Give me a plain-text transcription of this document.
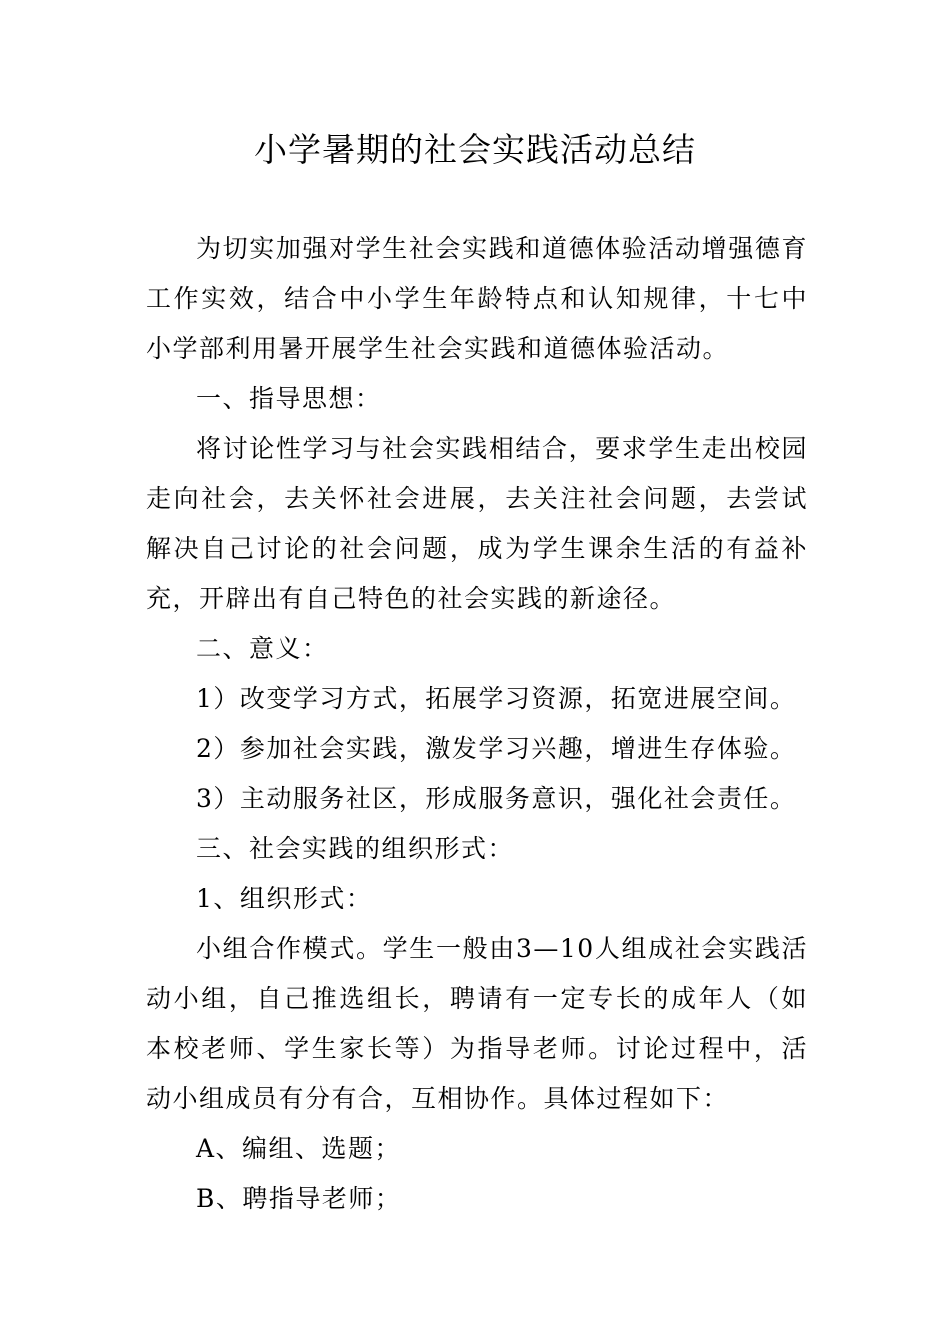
小学暑期的社会实践活动总结

为切实加强对学生社会实践和道德体验活动增强德育工作实效，结合中小学生年龄特点和认知规律，十七中小学部利用暑开展学生社会实践和道德体验活动。

一、指导思想：

将讨论性学习与社会实践相结合，要求学生走出校园走向社会，去关怀社会进展，去关注社会问题，去尝试解决自己讨论的社会问题，成为学生课余生活的有益补充，开辟出有自己特色的社会实践的新途径。

二、意义：

1）改变学习方式，拓展学习资源，拓宽进展空间。

2）参加社会实践，激发学习兴趣，增进生存体验。

3）主动服务社区，形成服务意识，强化社会责任。

三、社会实践的组织形式：

1、组织形式：

小组合作模式。学生一般由3—10人组成社会实践活动小组，自己推选组长，聘请有一定专长的成年人（如本校老师、学生家长等）为指导老师。讨论过程中，活动小组成员有分有合，互相协作。具体过程如下：

A、编组、选题；

B、聘指导老师；
